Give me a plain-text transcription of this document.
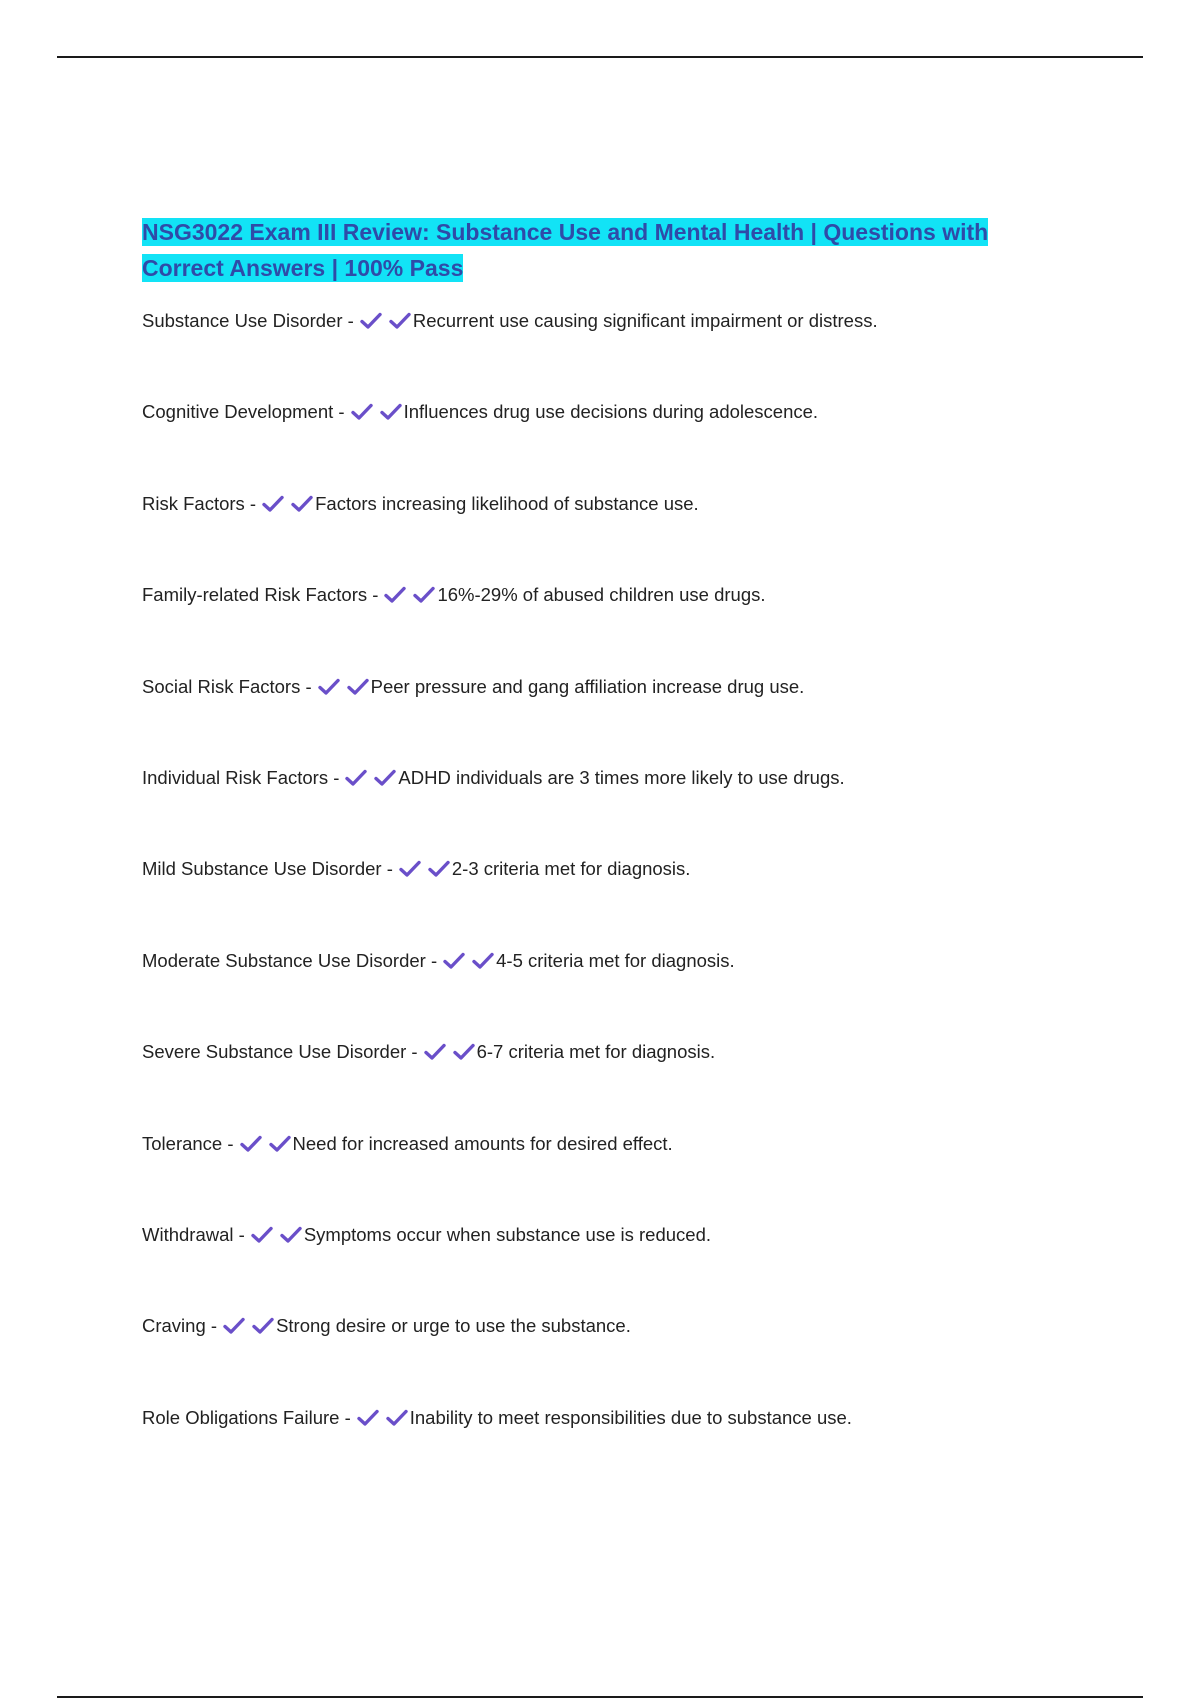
NSG3022 Exam III Review: Substance Use and Mental Health | Questions with
Correct Answers | 100% Pass
Substance Use Disorder -	Recurrent use causing significant impairment or distress.
Cognitive Development -	Influences drug use decisions during adolescence.
Risk Factors -	Factors increasing likelihood of substance use.
Family-related Risk Factors -	16%-29% of abused children use drugs.
Social Risk Factors -	Peer pressure and gang affiliation increase drug use.
Individual Risk Factors -	ADHD individuals are 3 times more likely to use drugs.
Mild Substance Use Disorder -	2-3 criteria met for diagnosis.
Moderate Substance Use Disorder -	4-5 criteria met for diagnosis.
Severe Substance Use Disorder -	6-7 criteria met for diagnosis.
Tolerance -	Need for increased amounts for desired effect.
Withdrawal -	Symptoms occur when substance use is reduced.
Craving -	Strong desire or urge to use the substance.
Role Obligations Failure -	Inability to meet responsibilities due to substance use.
